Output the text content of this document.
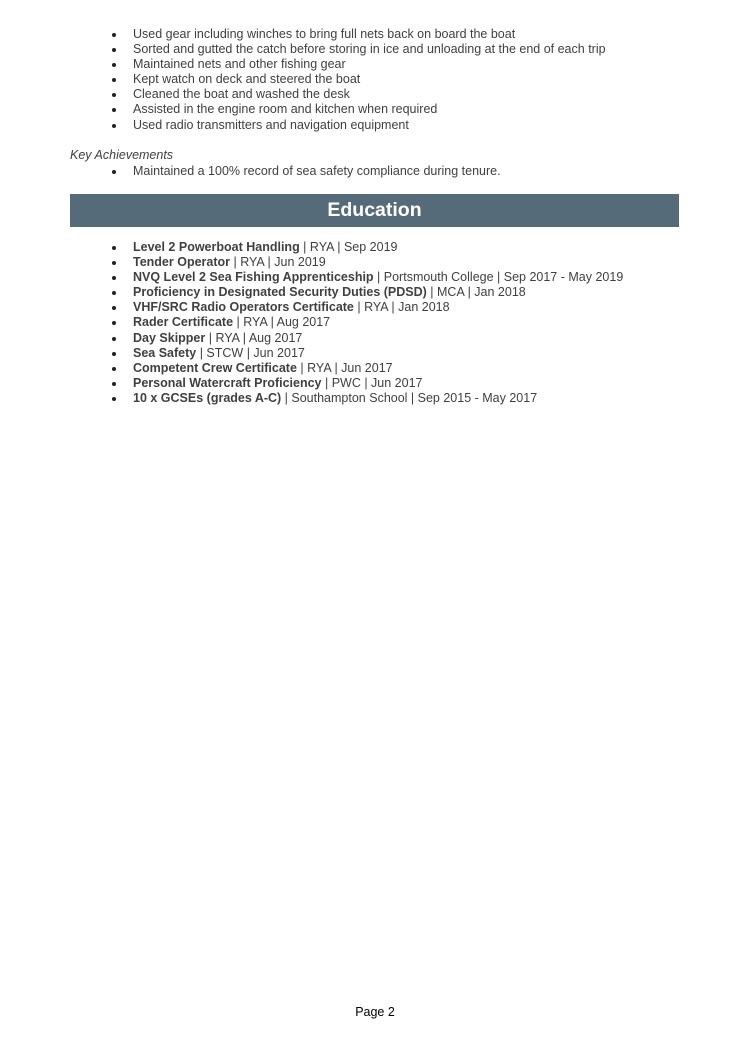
Used gear including winches to bring full nets back on board the boat
Sorted and gutted the catch before storing in ice and unloading at the end of each trip
Maintained nets and other fishing gear
Kept watch on deck and steered the boat
Cleaned the boat and washed the desk
Assisted in the engine room and kitchen when required
Used radio transmitters and navigation equipment
Key Achievements
Maintained a 100% record of sea safety compliance during tenure.
Education
Level 2 Powerboat Handling | RYA | Sep 2019
Tender Operator | RYA | Jun 2019
NVQ Level 2 Sea Fishing Apprenticeship | Portsmouth College | Sep 2017 - May 2019
Proficiency in Designated Security Duties (PDSD) | MCA | Jan 2018
VHF/SRC Radio Operators Certificate | RYA | Jan 2018
Rader Certificate | RYA | Aug 2017
Day Skipper | RYA | Aug 2017
Sea Safety | STCW | Jun 2017
Competent Crew Certificate | RYA | Jun 2017
Personal Watercraft Proficiency | PWC | Jun 2017
10 x GCSEs (grades A-C) | Southampton School | Sep 2015 - May 2017
Page 2
